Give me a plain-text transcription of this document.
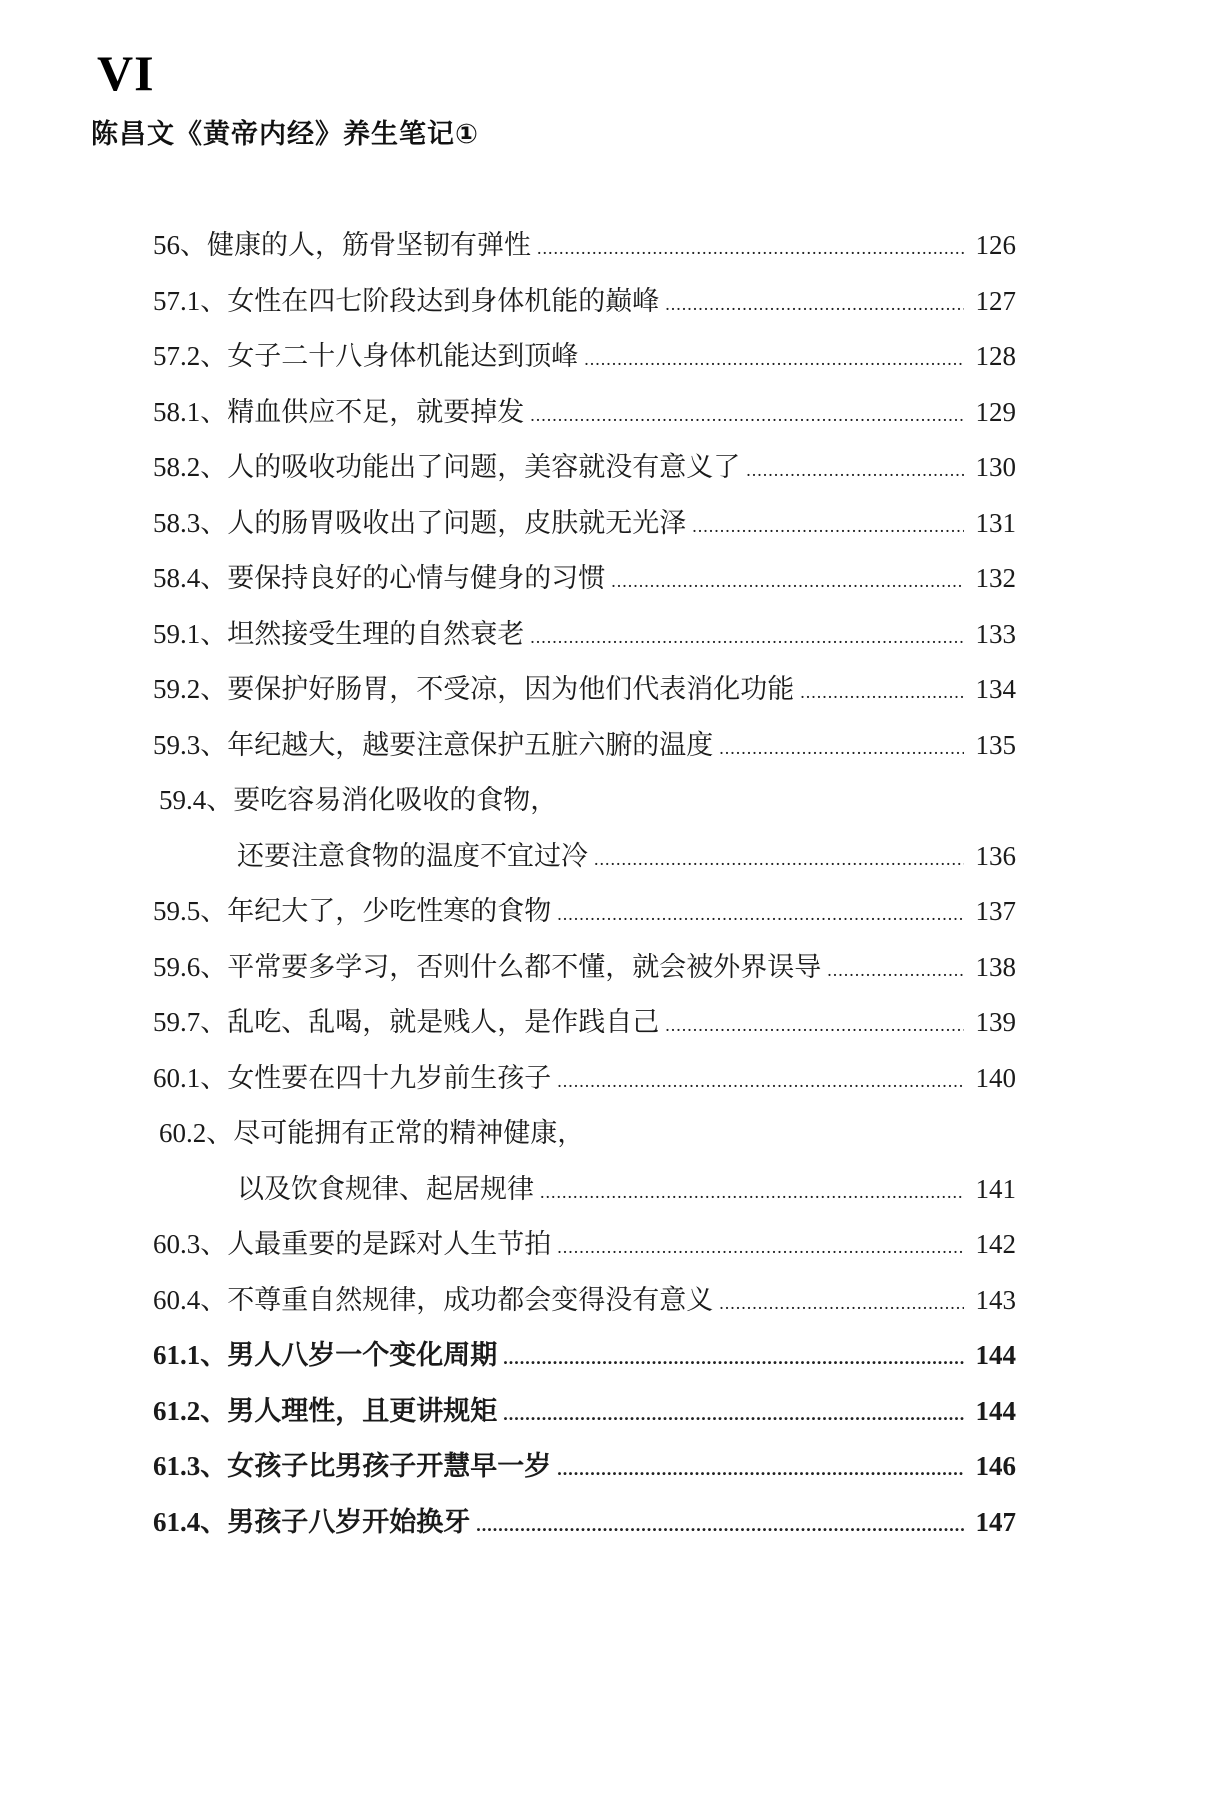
VI
陈昌文《黄帝内经》养生笔记①
56、 健康的人，筋骨坚韧有弹性 .....	126
57.1、 女性在四七阶段达到身体机能的巅峰 .....	127
57.2、 女子二十八身体机能达到顶峰 .....	128
58.1、 精血供应不足，就要掉发 .....	129
58.2、 人的吸收功能出了问题，美容就没有意义了 .....	130
58.3、 人的肠胃吸收出了问题，皮肤就无光泽 .....	131
58.4、 要保持良好的心情与健身的习惯 .....	132
59.1、 坦然接受生理的自然衰老 .....	133
59.2、 要保护好肠胃，不受凉，因为他们代表消化功能 .....	134
59.3、 年纪越大，越要注意保护五脏六腑的温度 .....	135
59.4、 要吃容易消化吸收的食物，
还要注意食物的温度不宜过冷 .....	136
59.5、 年纪大了，少吃性寒的食物 .....	137
59.6、 平常要多学习，否则什么都不懂，就会被外界误导 .....	138
59.7、 乱吃、乱喝，就是贱人，是作践自己 .....	139
60.1、 女性要在四十九岁前生孩子 .....	140
60.2、 尽可能拥有正常的精神健康，
以及饮食规律、起居规律 .....	141
60.3、 人最重要的是踩对人生节拍 .....	142
60.4、 不尊重自然规律，成功都会变得没有意义 .....	143
61.1、 男人八岁一个变化周期 .....	144
61.2、 男人理性，且更讲规矩 .....	144
61.3、 女孩子比男孩子开慧早一岁 .....	146
61.4、 男孩子八岁开始换牙 .....	147
